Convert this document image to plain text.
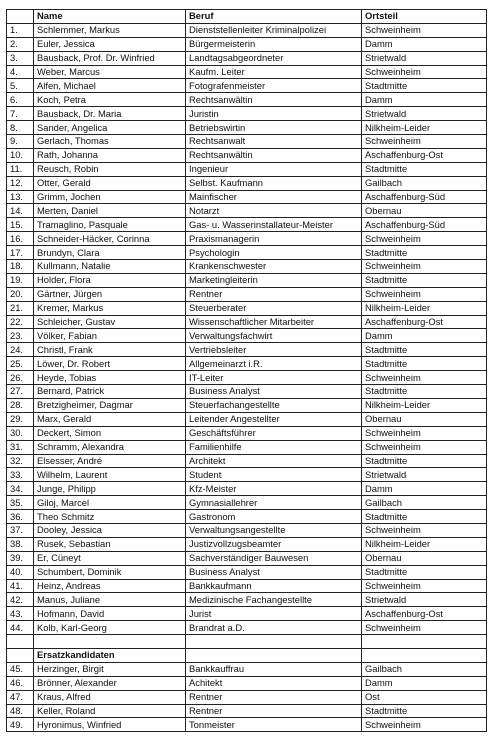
	Name	Beruf	Ortsteil
1.	Schlemmer, Markus	Dienststellenleiter Kriminalpolizei	Schweinheim
2.	Euler, Jessica	Bürgermeisterin	Damm
3.	Bausback, Prof. Dr. Winfried	Landtagsabgeordneter	Strietwald
4.	Weber, Marcus	Kaufm. Leiter	Schweinheim
5.	Alfen, Michael	Fotografenmeister	Stadtmitte
6.	Koch, Petra	Rechtsanwältin	Damm
7.	Bausback, Dr. Maria	Juristin	Strietwald
8.	Sander, Angelica	Betriebswirtin	Nilkheim-Leider
9.	Gerlach, Thomas	Rechtsanwalt	Schweinheim
10.	Rath, Johanna	Rechtsanwältin	Aschaffenburg-Ost
11.	Reusch, Robin	Ingenieur	Stadtmitte
12.	Otter, Gerald	Selbst. Kaufmann	Gailbach
13.	Grimm, Jochen	Mainfischer	Aschaffenburg-Süd
14.	Merten, Daniel	Notarzt	Obernau
15.	Tramaglino, Pasquale	Gas- u. Wasserinstallateur-Meister	Aschaffenburg-Süd
16.	Schneider-Häcker, Corinna	Praxismanagerin	Schweinheim
17.	Brundyn, Clara	Psychologin	Stadtmitte
18.	Kullmann, Natalie	Krankenschwester	Schweinheim
19.	Holder, Flora	Marketingleiterin	Stadtmitte
20.	Gärtner, Jürgen	Rentner	Schweinheim
21.	Kremer, Markus	Steuerberater	Nilkheim-Leider
22.	Schleicher, Gustav	Wissenschaftlicher Mitarbeiter	Aschaffenburg-Ost
23.	Völker, Fabian	Verwaltungsfachwirt	Damm
24.	Christl, Frank	Vertriebsleiter	Stadtmitte
25.	Löwer, Dr. Robert	Allgemeinarzt i.R.	Stadtmitte
26.	Heyde, Tobias	IT-Leiter	Schweinheim
27.	Bernard, Patrick	Business Analyst	Stadtmitte
28.	Bretzigheimer, Dagmar	Steuerfachangestellte	Nilkheim-Leider
29.	Marx, Gerald	Leitender Angestellter	Obernau
30.	Deckert, Simon	Geschäftsführer	Schweinheim
31.	Schramm, Alexandra	Familienhilfe	Schweinheim
32.	Elsesser, André	Architekt	Stadtmitte
33.	Wilhelm, Laurent	Student	Strietwald
34.	Junge, Philipp	Kfz-Meister	Damm
35.	Giloj, Marcel	Gymnasiallehrer	Gailbach
36.	Theo Schmitz	Gastronom	Stadtmitte
37.	Dooley, Jessica	Verwaltungsangestellte	Schweinheim
38.	Rusek, Sebastian	Justizvollzugsbeamter	Nilkheim-Leider
39.	Er, Cüneyt	Sachverständiger Bauwesen	Obernau
40.	Schumbert, Dominik	Business Analyst	Stadtmitte
41.	Heinz, Andreas	Bankkaufmann	Schweinheim
42.	Manus, Juliane	Medizinische Fachangestellte	Strietwald
43.	Hofmann, David	Jurist	Aschaffenburg-Ost
44.	Kolb, Karl-Georg	Brandrat a.D.	Schweinheim

	Ersatzkandidaten		
45.	Herzinger, Birgit	Bankkauffrau	Gailbach
46.	Brönner, Alexander	Achitekt	Damm
47.	Kraus, Alfred	Rentner	Ost
48.	Keller, Roland	Rentner	Stadtmitte
49.	Hyronimus, Winfried	Tonmeister	Schweinheim
